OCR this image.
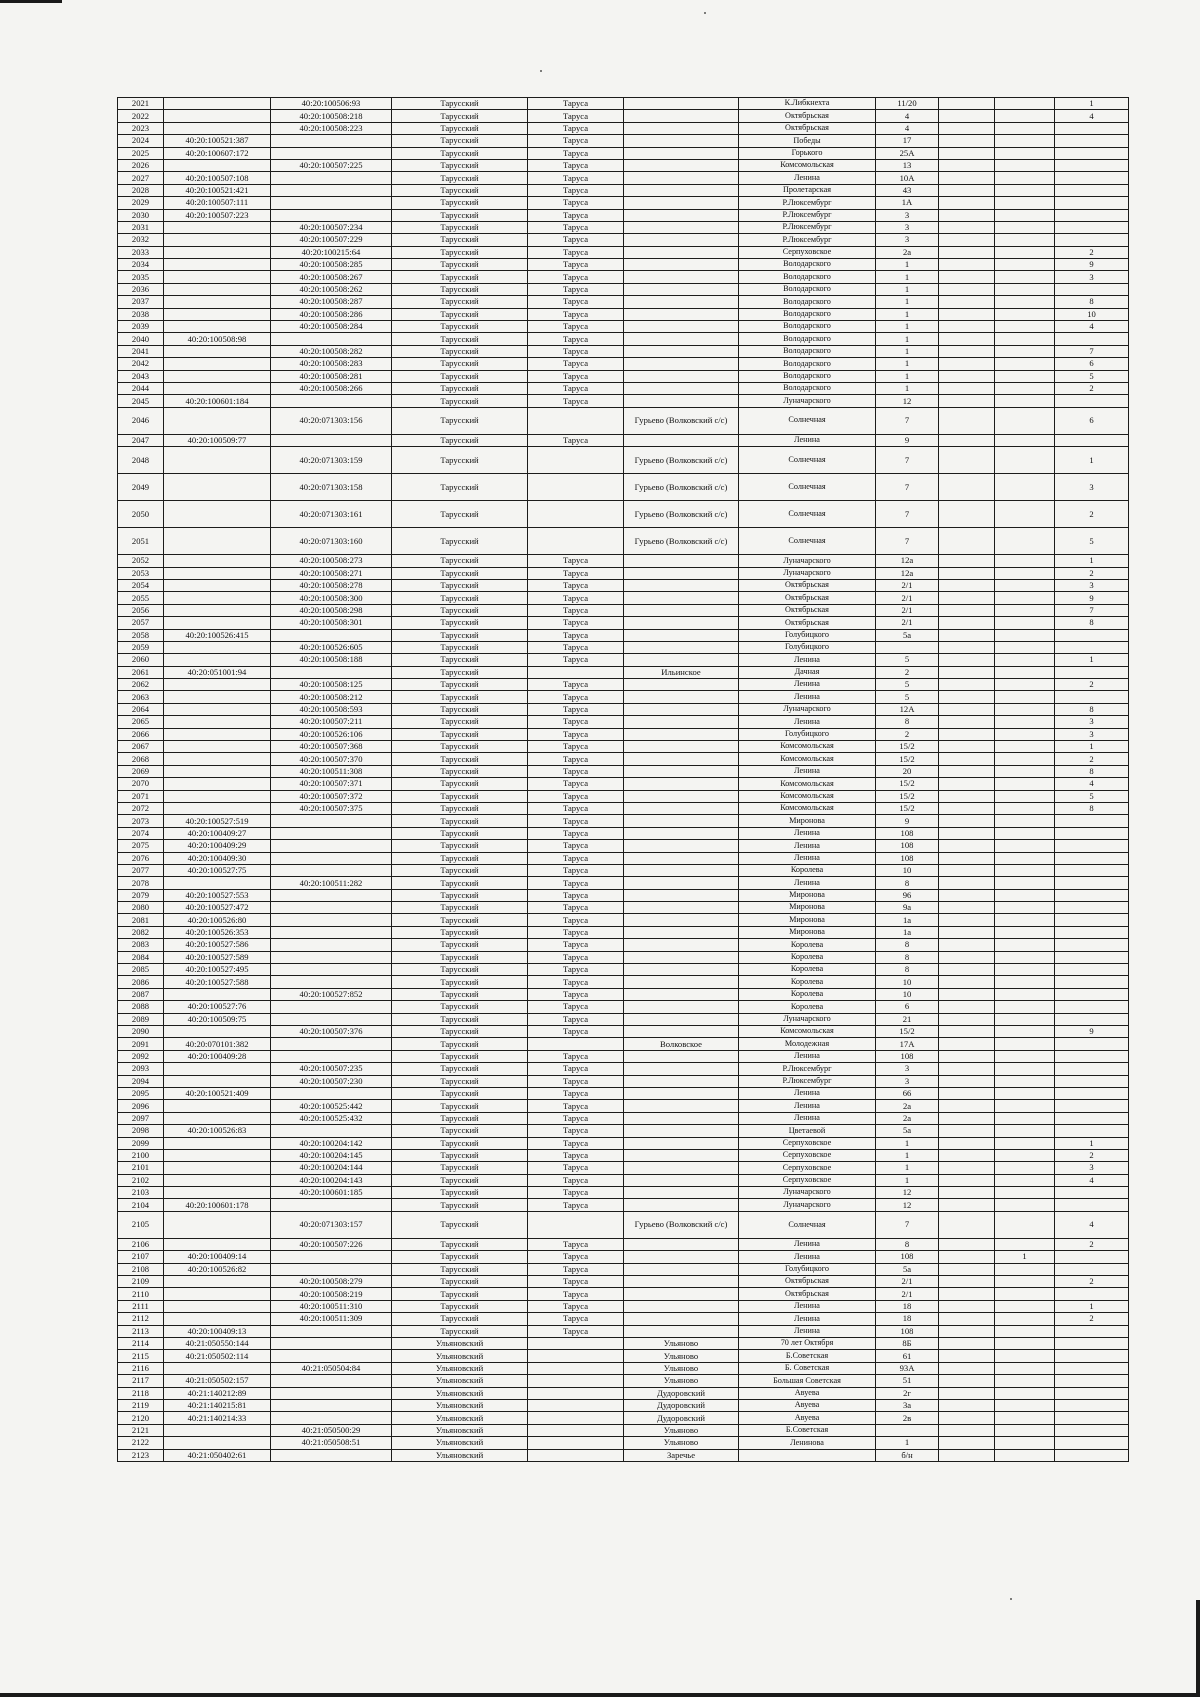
2021		40:20:100506:93	Тарусский	Таруса		К.Либкнехта	11/20			1
2022		40:20:100508:218	Тарусский	Таруса		Октябрьская	4			4
2023		40:20:100508:223	Тарусский	Таруса		Октябрьская	4			
2024	40:20:100521:387		Тарусский	Таруса		Победы	17			
2025	40:20:100607:172		Тарусский	Таруса		Горького	25А			
2026		40:20:100507:225	Тарусский	Таруса		Комсомольская	13			
2027	40:20:100507:108		Тарусский	Таруса		Ленина	10А			
2028	40:20:100521:421		Тарусский	Таруса		Пролетарская	43			
2029	40:20:100507:111		Тарусский	Таруса		Р.Люксембург	1А			
2030	40:20:100507:223		Тарусский	Таруса		Р.Люксембург	3			
2031		40:20:100507:234	Тарусский	Таруса		Р.Люксембург	3			
2032		40:20:100507:229	Тарусский	Таруса		Р.Люксембург	3			
2033		40:20:100215:64	Тарусский	Таруса		Серпуховское	2а			2
2034		40:20:100508:285	Тарусский	Таруса		Володарского	1			9
2035		40:20:100508:267	Тарусский	Таруса		Володарского	1			3
2036		40:20:100508:262	Тарусский	Таруса		Володарского	1			
2037		40:20:100508:287	Тарусский	Таруса		Володарского	1			8
2038		40:20:100508:286	Тарусский	Таруса		Володарского	1			10
2039		40:20:100508:284	Тарусский	Таруса		Володарского	1			4
2040	40:20:100508:98		Тарусский	Таруса		Володарского	1			
2041		40:20:100508:282	Тарусский	Таруса		Володарского	1			7
2042		40:20:100508:283	Тарусский	Таруса		Володарского	1			6
2043		40:20:100508:281	Тарусский	Таруса		Володарского	1			5
2044		40:20:100508:266	Тарусский	Таруса		Володарского	1			2
2045	40:20:100601:184		Тарусский	Таруса		Луначарского	12			
2046		40:20:071303:156	Тарусский		Гурьево (Волковский с/с)	Солнечная	7			6
2047	40:20:100509:77		Тарусский	Таруса		Ленина	9			
2048		40:20:071303:159	Тарусский		Гурьево (Волковский с/с)	Солнечная	7			1
2049		40:20:071303:158	Тарусский		Гурьево (Волковский с/с)	Солнечная	7			3
2050		40:20:071303:161	Тарусский		Гурьево (Волковский с/с)	Солнечная	7			2
2051		40:20:071303:160	Тарусский		Гурьево (Волковский с/с)	Солнечная	7			5
2052		40:20:100508:273	Тарусский	Таруса		Луначарского	12а			1
2053		40:20:100508:271	Тарусский	Таруса		Луначарского	12а			2
2054		40:20:100508:278	Тарусский	Таруса		Октябрьская	2/1			3
2055		40:20:100508:300	Тарусский	Таруса		Октябрьская	2/1			9
2056		40:20:100508:298	Тарусский	Таруса		Октябрьская	2/1			7
2057		40:20:100508:301	Тарусский	Таруса		Октябрьская	2/1			8
2058	40:20:100526:415		Тарусский	Таруса		Голубицкого	5а			
2059		40:20:100526:605	Тарусский	Таруса		Голубицкого				
2060		40:20:100508:188	Тарусский	Таруса		Ленина	5			1
2061	40:20:051001:94		Тарусский		Ильинское	Дачная	2			
2062		40:20:100508:125	Тарусский	Таруса		Ленина	5			2
2063		40:20:100508:212	Тарусский	Таруса		Ленина	5			
2064		40:20:100508:593	Тарусский	Таруса		Луначарского	12А			8
2065		40:20:100507:211	Тарусский	Таруса		Ленина	8			3
2066		40:20:100526:106	Тарусский	Таруса		Голубицкого	2			3
2067		40:20:100507:368	Тарусский	Таруса		Комсомольская	15/2			1
2068		40:20:100507:370	Тарусский	Таруса		Комсомольская	15/2			2
2069		40:20:100511:308	Тарусский	Таруса		Ленина	20			8
2070		40:20:100507:371	Тарусский	Таруса		Комсомольская	15/2			4
2071		40:20:100507:372	Тарусский	Таруса		Комсомольская	15/2			5
2072		40:20:100507:375	Тарусский	Таруса		Комсомольская	15/2			8
2073	40:20:100527:519		Тарусский	Таруса		Миронова	9			
2074	40:20:100409:27		Тарусский	Таруса		Ленина	108			
2075	40:20:100409:29		Тарусский	Таруса		Ленина	108			
2076	40:20:100409:30		Тарусский	Таруса		Ленина	108			
2077	40:20:100527:75		Тарусский	Таруса		Королева	10			
2078		40:20:100511:282	Тарусский	Таруса		Ленина	8			
2079	40:20:100527:553		Тарусский	Таруса		Миронова	96			
2080	40:20:100527:472		Тарусский	Таруса		Миронова	9а			
2081	40:20:100526:80		Тарусский	Таруса		Миронова	1а			
2082	40:20:100526:353		Тарусский	Таруса		Миронова	1а			
2083	40:20:100527:586		Тарусский	Таруса		Королева	8			
2084	40:20:100527:589		Тарусский	Таруса		Королева	8			
2085	40:20:100527:495		Тарусский	Таруса		Королева	8			
2086	40:20:100527:588		Тарусский	Таруса		Королева	10			
2087		40:20:100527:852	Тарусский	Таруса		Королева	10			
2088	40:20:100527:76		Тарусский	Таруса		Королева	6			
2089	40:20:100509:75		Тарусский	Таруса		Луначарского	21			
2090		40:20:100507:376	Тарусский	Таруса		Комсомольская	15/2			9
2091	40:20:070101:382		Тарусский		Волковское	Молодежная	17А			
2092	40:20:100409:28		Тарусский	Таруса		Ленина	108			
2093		40:20:100507:235	Тарусский	Таруса		Р.Люксембург	3			
2094		40:20:100507:230	Тарусский	Таруса		Р.Люксембург	3			
2095	40:20:100521:409		Тарусский	Таруса		Ленина	66			
2096		40:20:100525:442	Тарусский	Таруса		Ленина	2а			
2097		40:20:100525:432	Тарусский	Таруса		Ленина	2а			
2098	40:20:100526:83		Тарусский	Таруса		Цветаевой	5а			
2099		40:20:100204:142	Тарусский	Таруса		Серпуховское	1			1
2100		40:20:100204:145	Тарусский	Таруса		Серпуховское	1			2
2101		40:20:100204:144	Тарусский	Таруса		Серпуховское	1			3
2102		40:20:100204:143	Тарусский	Таруса		Серпуховское	1			4
2103		40:20:100601:185	Тарусский	Таруса		Луначарского	12			
2104	40:20:100601:178		Тарусский	Таруса		Луначарского	12			
2105		40:20:071303:157	Тарусский		Гурьево (Волковский с/с)	Солнечная	7			4
2106		40:20:100507:226	Тарусский	Таруса		Ленина	8			2
2107	40:20:100409:14		Тарусский	Таруса		Ленина	108		1	
2108	40:20:100526:82		Тарусский	Таруса		Голубицкого	5а			
2109		40:20:100508:279	Тарусский	Таруса		Октябрьская	2/1			2
2110		40:20:100508:219	Тарусский	Таруса		Октябрьская	2/1			
2111		40:20:100511:310	Тарусский	Таруса		Ленина	18			1
2112		40:20:100511:309	Тарусский	Таруса		Ленина	18			2
2113	40:20:100409:13		Тарусский	Таруса		Ленина	108			
2114	40:21:050550:144		Ульяновский		Ульяново	70 лет Октября	8Б			
2115	40:21:050502:114		Ульяновский		Ульяново	Б.Советская	61			
2116		40:21:050504:84	Ульяновский		Ульяново	Б. Советская	93А			
2117	40:21:050502:157		Ульяновский		Ульяново	Большая Советская	51			
2118	40:21:140212:89		Ульяновский		Дудоровский	Авуева	2г			
2119	40:21:140215:81		Ульяновский		Дудоровский	Авуева	3а			
2120	40:21:140214:33		Ульяновский		Дудоровский	Авуева	2в			
2121		40:21:050500:29	Ульяновский		Ульяново	Б.Советская				
2122		40:21:050508:51	Ульяновский		Ульяново	Ленинова	1			
2123	40:21:050402:61		Ульяновский		Заречье		б/н			
